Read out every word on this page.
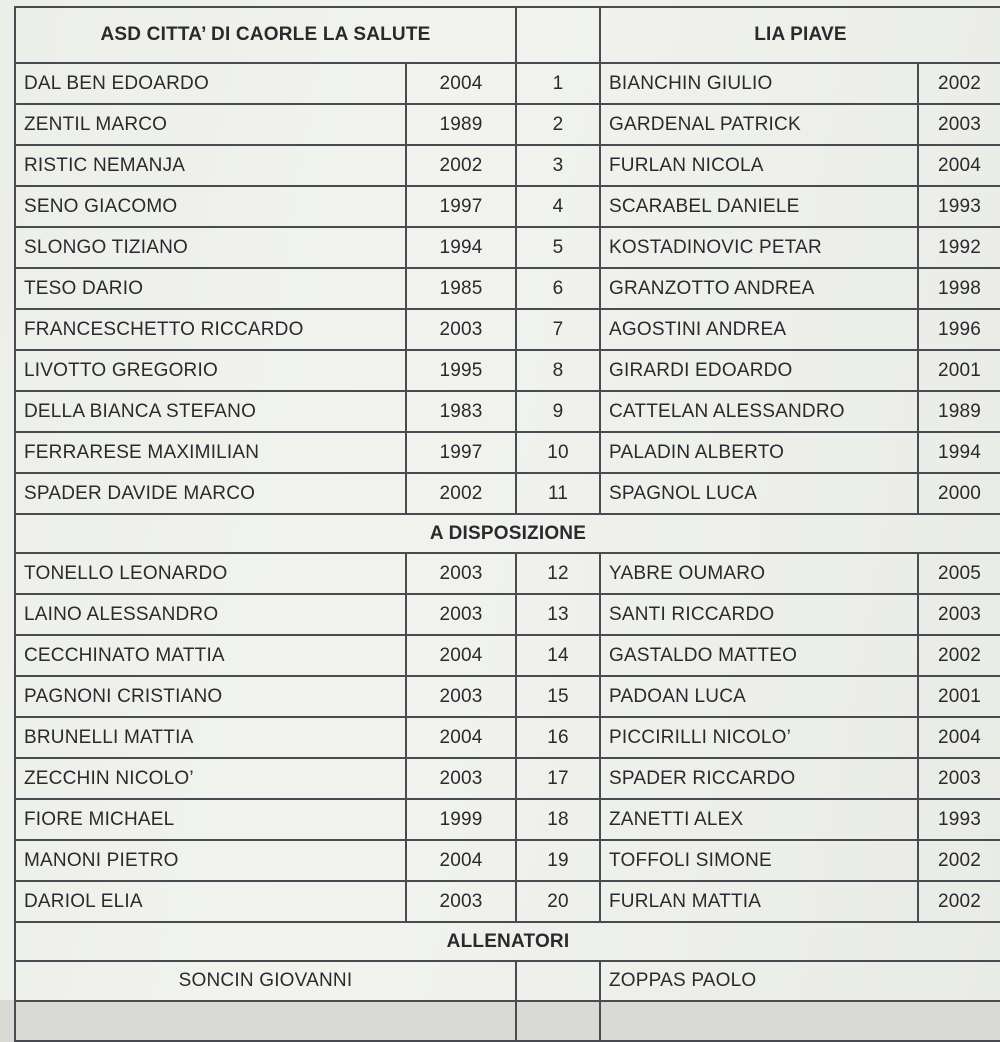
ASD CITTA’ DI CAORLE LA SALUTE			LIA PIAVE	
DAL BEN EDOARDO	2004	1	BIANCHIN GIULIO	2002
ZENTIL MARCO	1989	2	GARDENAL PATRICK	2003
RISTIC NEMANJA	2002	3	FURLAN NICOLA	2004
SENO GIACOMO	1997	4	SCARABEL DANIELE	1993
SLONGO TIZIANO	1994	5	KOSTADINOVIC PETAR	1992
TESO DARIO	1985	6	GRANZOTTO ANDREA	1998
FRANCESCHETTO RICCARDO	2003	7	AGOSTINI ANDREA	1996
LIVOTTO GREGORIO	1995	8	GIRARDI EDOARDO	2001
DELLA BIANCA STEFANO	1983	9	CATTELAN ALESSANDRO	1989
FERRARESE MAXIMILIAN	1997	10	PALADIN ALBERTO	1994
SPADER DAVIDE MARCO	2002	11	SPAGNOL LUCA	2000
A DISPOSIZIONE				
TONELLO LEONARDO	2003	12	YABRE OUMARO	2005
LAINO ALESSANDRO	2003	13	SANTI RICCARDO	2003
CECCHINATO MATTIA	2004	14	GASTALDO MATTEO	2002
PAGNONI CRISTIANO	2003	15	PADOAN LUCA	2001
BRUNELLI MATTIA	2004	16	PICCIRILLI NICOLO’	2004
ZECCHIN NICOLO’	2003	17	SPADER RICCARDO	2003
FIORE MICHAEL	1999	18	ZANETTI ALEX	1993
MANONI PIETRO	2004	19	TOFFOLI SIMONE	2002
DARIOL ELIA	2003	20	FURLAN MATTIA	2002
ALLENATORI				
SONCIN GIOVANNI			ZOPPAS PAOLO	
